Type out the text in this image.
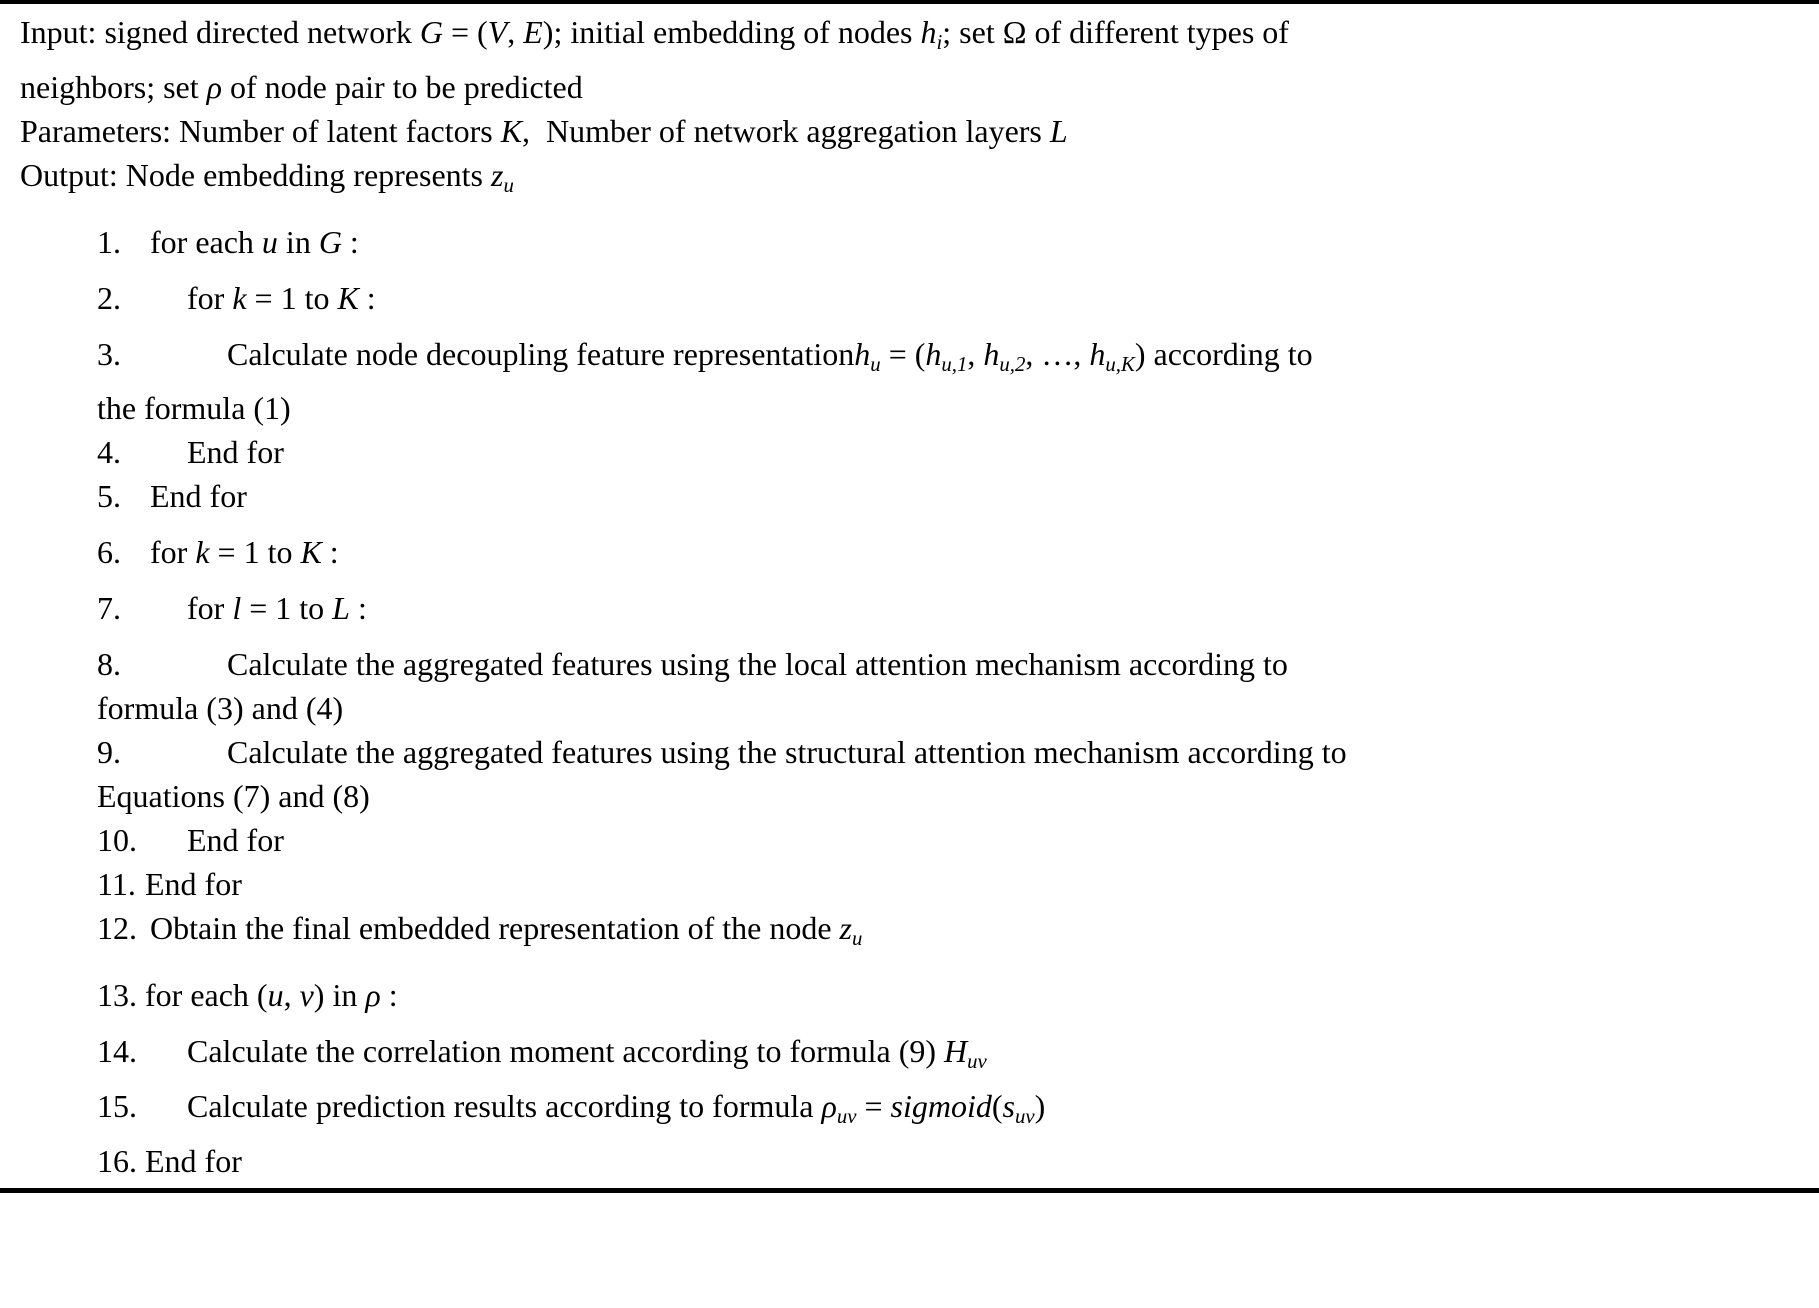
Input: signed directed network G = (V, E); initial embedding of nodes hi; set Ω of different types of
neighbors; set ρ of node pair to be predicted
Parameters: Number of latent factors K,  Number of network aggregation layers L
Output: Node embedding represents zu
1. for each u in G :
2. for k = 1 to K :
3.	Calculate node decoupling feature representationhu = (hu,1, hu,2, …, hu,K) according to
the formula (1)
4. End for
5. End for
6. for k = 1 to K :
7. for l = 1 to L :
8.	Calculate the aggregated features using the local attention mechanism according to
formula (3) and (4)
9.	Calculate the aggregated features using the structural attention mechanism according to
Equations (7) and (8)
10. End for
11. End for
12. Obtain the final embedded representation of the node zu
13. for each (u, v) in ρ :
14. Calculate the correlation moment according to formula (9) Huv
15. Calculate prediction results according to formula ρuv = sigmoid(suv)
16. End for
